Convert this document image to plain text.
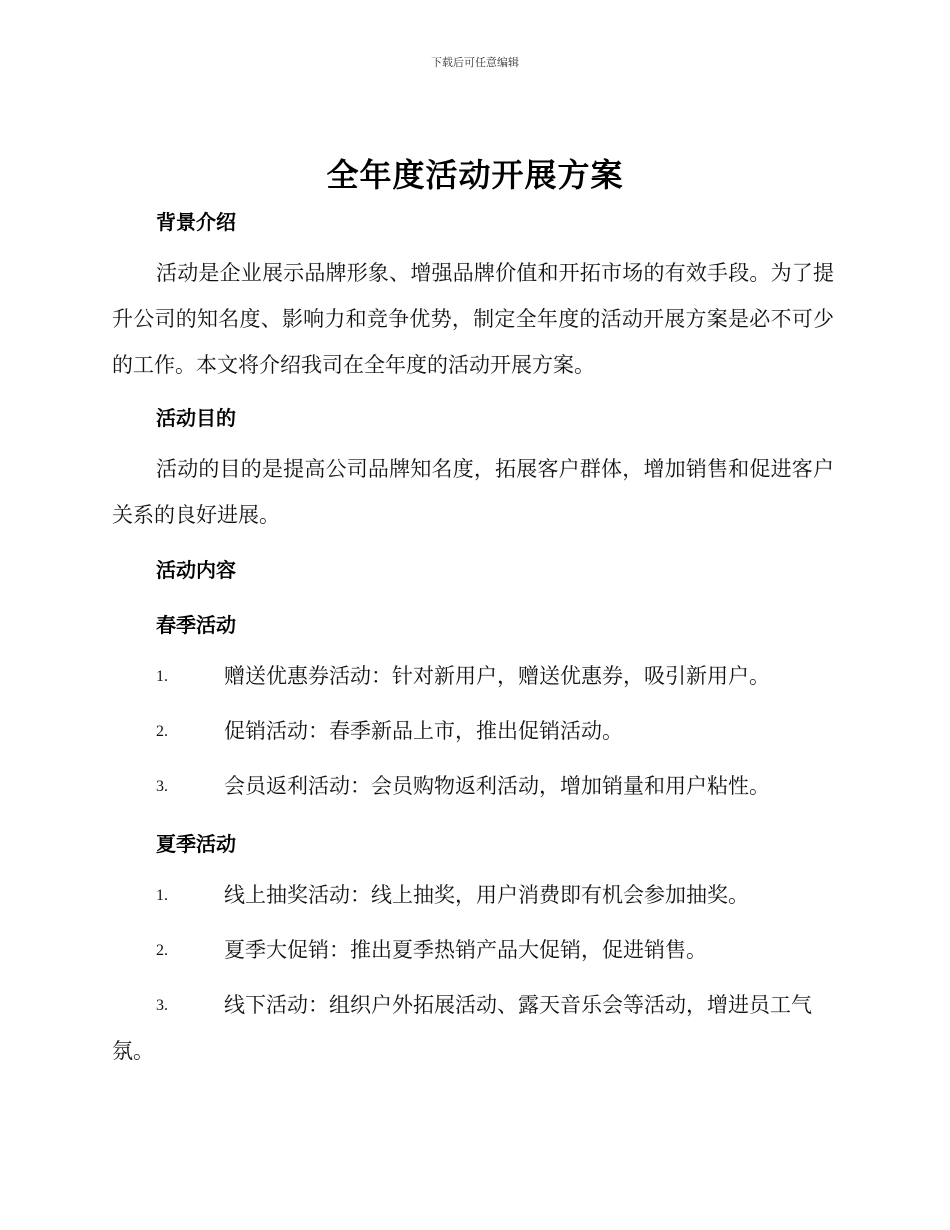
下载后可任意编辑
全年度活动开展方案
背景介绍
活动是企业展示品牌形象、增强品牌价值和开拓市场的有效手段。为了提升公司的知名度、影响力和竞争优势，制定全年度的活动开展方案是必不可少的工作。本文将介绍我司在全年度的活动开展方案。
活动目的
活动的目的是提高公司品牌知名度，拓展客户群体，增加销售和促进客户关系的良好进展。
活动内容
春季活动
1.	赠送优惠券活动：针对新用户，赠送优惠券，吸引新用户。
2.	促销活动：春季新品上市，推出促销活动。
3.	会员返利活动：会员购物返利活动，增加销量和用户粘性。
夏季活动
1.	线上抽奖活动：线上抽奖，用户消费即有机会参加抽奖。
2.	夏季大促销：推出夏季热销产品大促销，促进销售。
3.	线下活动：组织户外拓展活动、露天音乐会等活动，增进员工气氛。
